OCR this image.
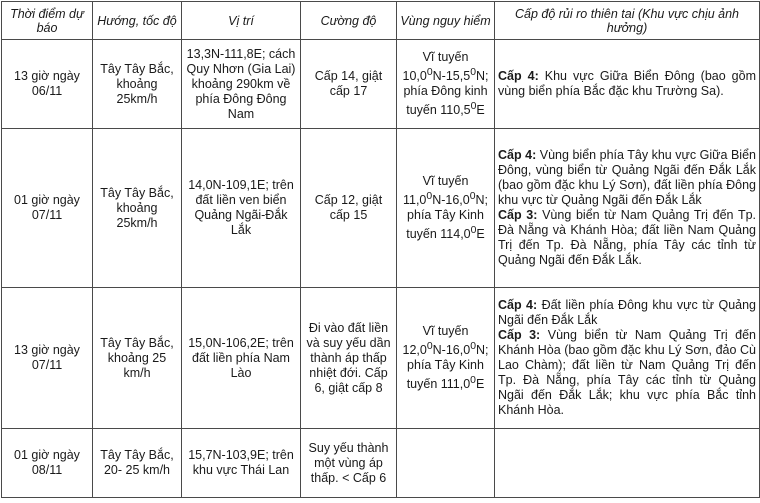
Thời điểm dự báo	Hướng, tốc độ	Vị trí	Cường độ	Vùng nguy hiểm	Cấp độ rủi ro thiên tai (Khu vực chịu ảnh hưởng)
13 giờ ngày 06/11	Tây Tây Bắc, khoảng 25km/h	13,3N-111,8E; cách Quy Nhơn (Gia Lai) khoảng 290km về phía Đông Đông Nam	Cấp 14, giật cấp 17	Vĩ tuyến 10,0$^0$N-15,5$^0$N; phía Đông kinh tuyến 110,5$^0$E	Cấp 4: Khu vực Giữa Biển Đông (bao gồm vùng biển phía Bắc đặc khu Trường Sa).

01 giờ ngày 07/11	Tây Tây Bắc, khoảng 25km/h	14,0N-109,1E; trên đất liền ven biển Quảng Ngãi-Đắk Lắk	Cấp 12, giật cấp 15	Vĩ tuyến 11,0$^0$N-16,0$^0$N; phía Tây Kinh tuyến 114,0$^0$E	Cấp 4: Vùng biển phía Tây khu vực Giữa Biển Đông, vùng biển từ Quảng Ngãi đến Đắk Lắk (bao gồm đặc khu Lý Sơn), đất liền phía Đông khu vực từ Quảng Ngãi đến Đắk Lắk

Cấp 3: Vùng biển từ Nam Quảng Trị đến Tp. Đà Nẵng và Khánh Hòa; đất liền Nam Quảng Trị đến Tp. Đà Nẵng, phía Tây các tỉnh từ Quảng Ngãi đến Đắk Lắk.

13 giờ ngày 07/11	Tây Tây Bắc, khoảng 25 km/h	15,0N-106,2E; trên đất liền phía Nam Lào	Đi vào đất liền và suy yếu dần thành áp thấp nhiệt đới. Cấp 6, giật cấp 8	Vĩ tuyến 12,0$^0$N-16,0$^0$N; phía Tây Kinh tuyến 111,0$^0$E	Cấp 4: Đất liền phía Đông khu vực từ Quảng Ngãi đến Đắk Lắk

Cấp 3: Vùng biển từ Nam Quảng Trị đến Khánh Hòa (bao gồm đặc khu Lý Sơn, đảo Cù Lao Chàm); đất liền từ Nam Quảng Trị đến Tp. Đà Nẵng, phía Tây các tỉnh từ Quảng Ngãi đến Đắk Lắk; khu vực phía Bắc tỉnh Khánh Hòa.

01 giờ ngày 08/11	Tây Tây Bắc, 20- 25 km/h	15,7N-103,9E; trên khu vực Thái Lan	Suy yếu thành một vùng áp thấp. < Cấp 6		
